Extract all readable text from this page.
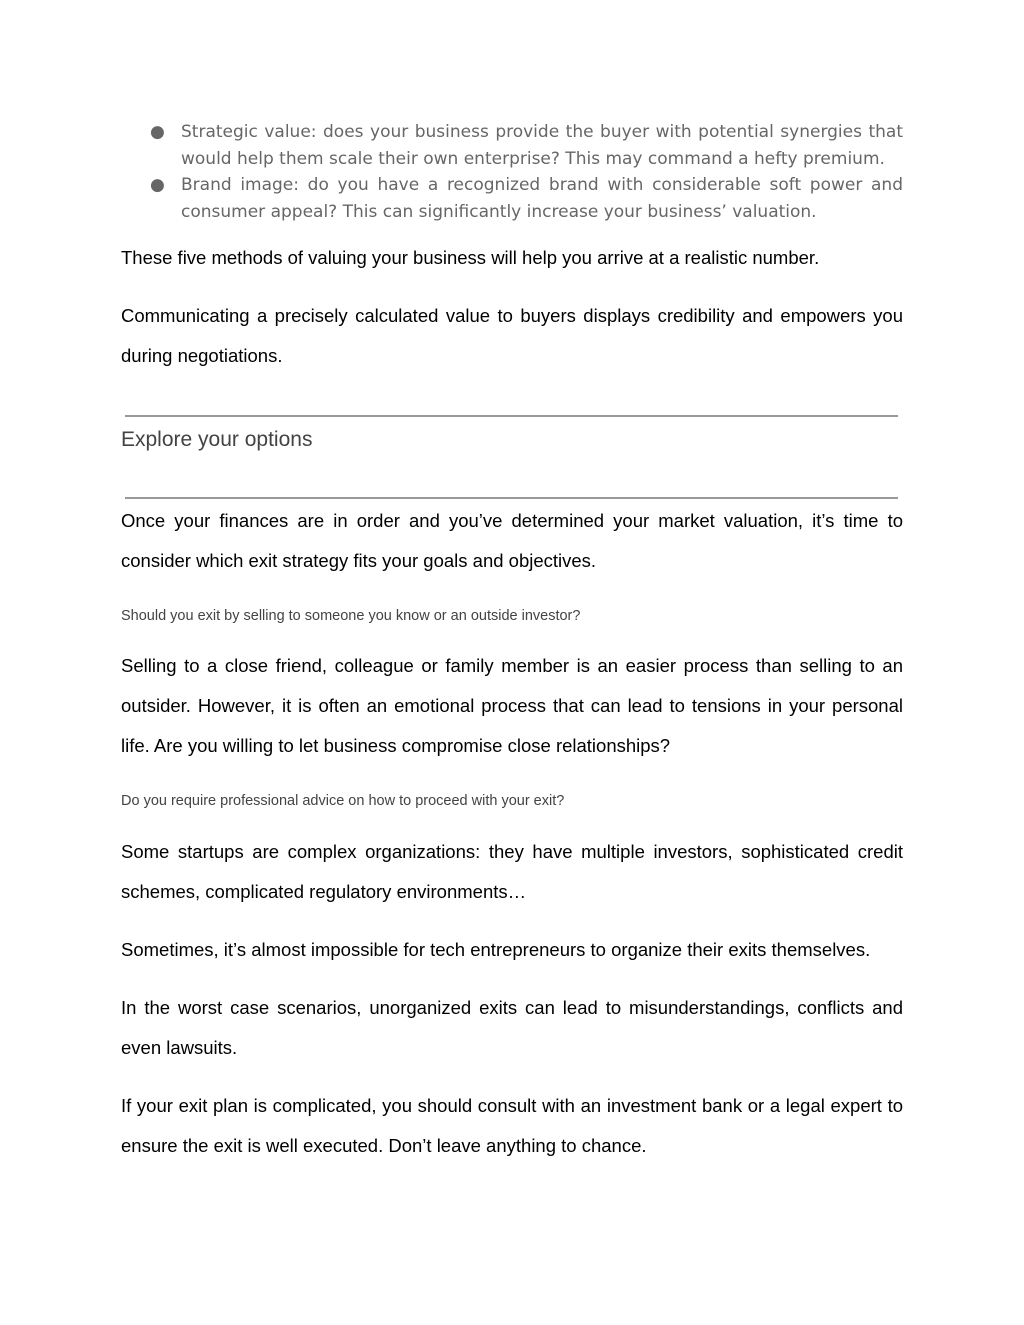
● Strategic value: does your business provide the buyer with potential synergies that would help them scale their own enterprise? This may command a hefty premium.
● Brand image: do you have a recognized brand with considerable soft power and consumer appeal? This can significantly increase your business’ valuation.

These five methods of valuing your business will help you arrive at a realistic number.

Communicating a precisely calculated value to buyers displays credibility and empowers you during negotiations.

Explore your options

Once your finances are in order and you’ve determined your market valuation, it’s time to consider which exit strategy fits your goals and objectives.

Should you exit by selling to someone you know or an outside investor?

Selling to a close friend, colleague or family member is an easier process than selling to an outsider. However, it is often an emotional process that can lead to tensions in your personal life. Are you willing to let business compromise close relationships?

Do you require professional advice on how to proceed with your exit?

Some startups are complex organizations: they have multiple investors, sophisticated credit schemes, complicated regulatory environments…

Sometimes, it’s almost impossible for tech entrepreneurs to organize their exits themselves.

In the worst case scenarios, unorganized exits can lead to misunderstandings, conflicts and even lawsuits.

If your exit plan is complicated, you should consult with an investment bank or a legal expert to ensure the exit is well executed. Don’t leave anything to chance.
